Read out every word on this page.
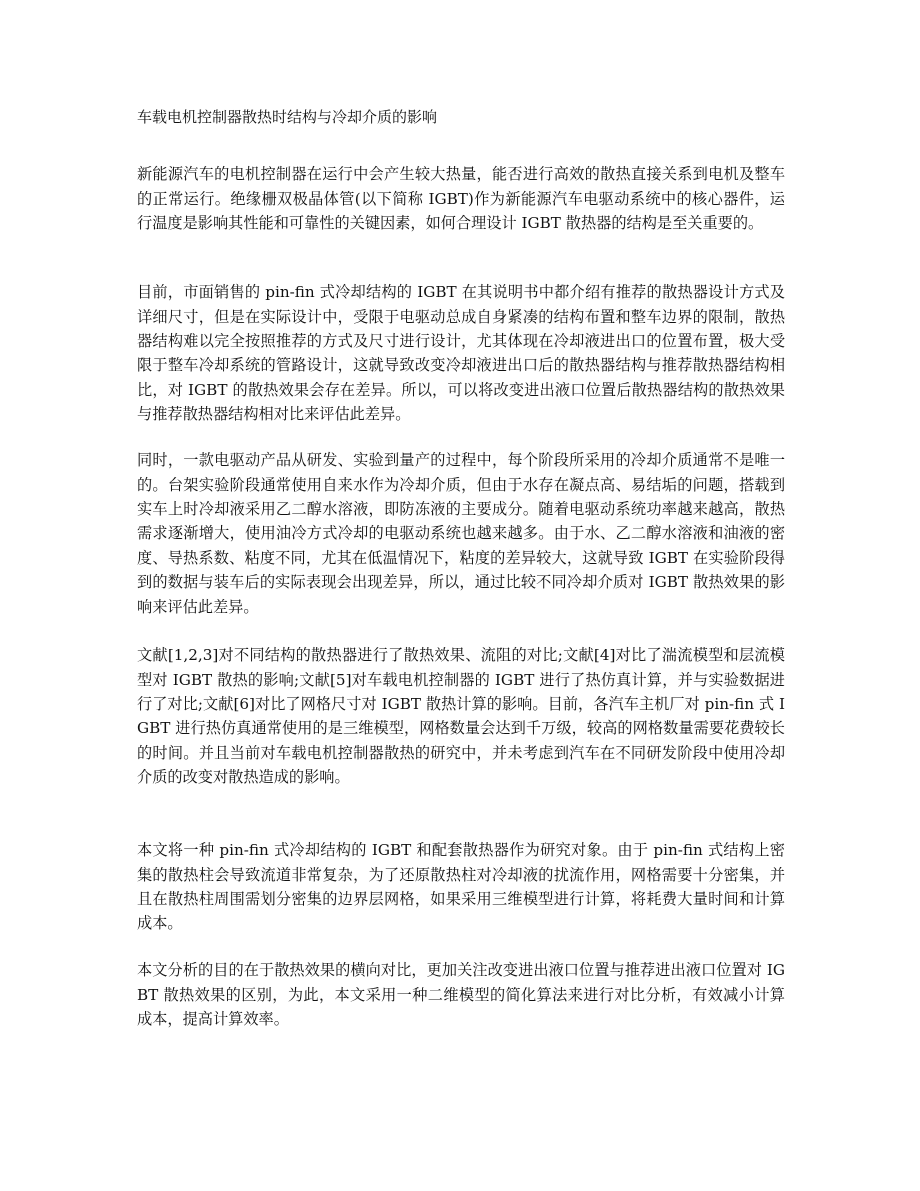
车载电机控制器散热时结构与冷却介质的影响

新能源汽车的电机控制器在运行中会产生较大热量，能否进行高效的散热直接关系到电机及整车的正常运行。绝缘栅双极晶体管(以下简称 IGBT)作为新能源汽车电驱动系统中的核心器件，运行温度是影响其性能和可靠性的关键因素，如何合理设计 IGBT 散热器的结构是至关重要的。

目前，市面销售的 pin-fin 式冷却结构的 IGBT 在其说明书中都介绍有推荐的散热器设计方式及详细尺寸，但是在实际设计中，受限于电驱动总成自身紧凑的结构布置和整车边界的限制，散热器结构难以完全按照推荐的方式及尺寸进行设计，尤其体现在冷却液进出口的位置布置，极大受限于整车冷却系统的管路设计，这就导致改变冷却液进出口后的散热器结构与推荐散热器结构相比，对 IGBT 的散热效果会存在差异。所以，可以将改变进出液口位置后散热器结构的散热效果与推荐散热器结构相对比来评估此差异。

同时，一款电驱动产品从研发、实验到量产的过程中，每个阶段所采用的冷却介质通常不是唯一的。台架实验阶段通常使用自来水作为冷却介质，但由于水存在凝点高、易结垢的问题，搭载到实车上时冷却液采用乙二醇水溶液，即防冻液的主要成分。随着电驱动系统功率越来越高，散热需求逐渐增大，使用油冷方式冷却的电驱动系统也越来越多。由于水、乙二醇水溶液和油液的密度、导热系数、粘度不同，尤其在低温情况下，粘度的差异较大，这就导致 IGBT 在实验阶段得到的数据与装车后的实际表现会出现差异，所以，通过比较不同冷却介质对 IGBT 散热效果的影响来评估此差异。

文献[1,2,3]对不同结构的散热器进行了散热效果、流阻的对比;文献[4]对比了湍流模型和层流模型对 IGBT 散热的影响;文献[5]对车载电机控制器的 IGBT 进行了热仿真计算，并与实验数据进行了对比;文献[6]对比了网格尺寸对 IGBT 散热计算的影响。目前，各汽车主机厂对 pin-fin 式 IGBT 进行热仿真通常使用的是三维模型，网格数量会达到千万级，较高的网格数量需要花费较长的时间。并且当前对车载电机控制器散热的研究中，并未考虑到汽车在不同研发阶段中使用冷却介质的改变对散热造成的影响。

本文将一种 pin-fin 式冷却结构的 IGBT 和配套散热器作为研究对象。由于 pin-fin 式结构上密集的散热柱会导致流道非常复杂，为了还原散热柱对冷却液的扰流作用，网格需要十分密集，并且在散热柱周围需划分密集的边界层网格，如果采用三维模型进行计算，将耗费大量时间和计算成本。

本文分析的目的在于散热效果的横向对比，更加关注改变进出液口位置与推荐进出液口位置对 IGBT 散热效果的区别，为此，本文采用一种二维模型的简化算法来进行对比分析，有效减小计算成本，提高计算效率。
